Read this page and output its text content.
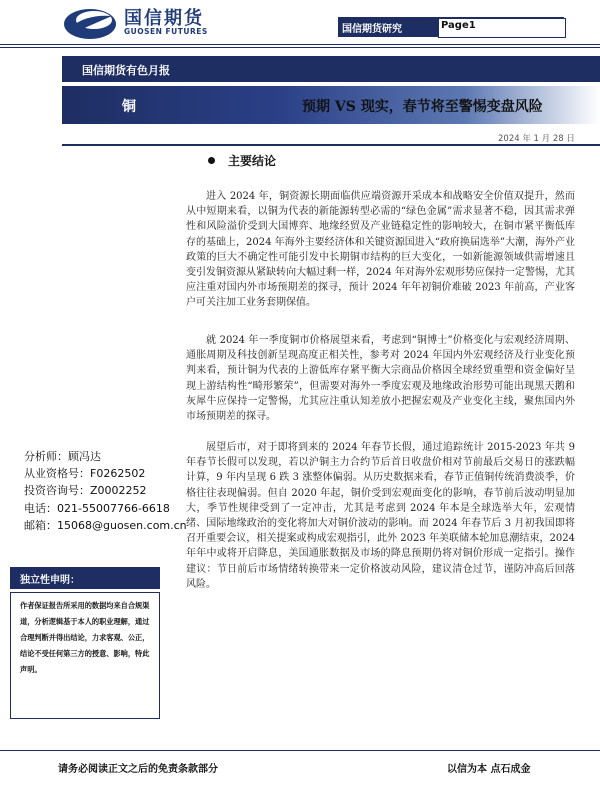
国信期货
GUOSEN FUTURES	国信期货研究	Page1
国信期货有色月报
铜	预期 VS 现实，春节将至警惕变盘风险
2024 年 1 月 28 日
主要结论

进入 2024 年，铜资源长期面临供应端资源开采成本和战略安全价值双提升，然而从中短期来看，以铜为代表的新能源转型必需的“绿色金属”需求显著不稳，因其需求弹性和风险溢价受到大国博弈、地缘经贸及产业链稳定性的影响较大，在铜市紧平衡低库存的基础上，2024 年海外主要经济体和关键资源国进入“政府换届选举”大潮，海外产业政策的巨大不确定性可能引发中长期铜市结构的巨大变化，一如新能源领域供需增速且变引发铜资源从紧缺转向大幅过剩一样，2024 年对海外宏观形势应保持一定警惕，尤其应注重对国内外市场预期差的探寻，预计 2024 年年初铜价难破 2023 年前高，产业客户可关注加工业务套期保值。

就 2024 年一季度铜市价格展望来看，考虑到“铜博士”价格变化与宏观经济周期、通胀周期及科技创新呈现高度正相关性，参考对 2024 年国内外宏观经济及行业变化预判来看，预计铜为代表的上游低库存紧平衡大宗商品价格因全球经贸重塑和资金偏好呈现上游结构性“畸形繁荣”，但需要对海外一季度宏观及地缘政治形势可能出现黑天鹅和灰犀牛应保持一定警惕，尤其应注重认知差放小把握宏观及产业变化主线，聚焦国内外市场预期差的探寻。

展望后市，对于即将到来的 2024 年春节长假，通过追踪统计 2015-2023 年共 9 年春节长假可以发现，若以沪铜主力合约节后首日收盘价相对节前最后交易日的涨跌幅计算，9 年内呈现 6 跌 3 涨整体偏弱。从历史数据来看，春节正值铜传统消费淡季，价格往往表现偏弱。但自 2020 年起，铜价受到宏观面变化的影响，春节前后波动明显加大，季节性规律受到了一定冲击，尤其是考虑到 2024 年本是全球选举大年，宏观情绪、国际地缘政治的变化将加大对铜价波动的影响。而 2024 年春节后 3 月初我国即将召开重要会议，相关提案或构成宏观指引，此外 2023 年美联储本轮加息潮结束，2024 年年中或将开启降息，美国通胀数据及市场的降息预期仍将对铜价形成一定指引。操作建议：节日前后市场情绪转换带来一定价格波动风险，建议清仓过节，谨防冲高后回落风险。

分析师：顾冯达
从业资格号：F0262502
投资咨询号：Z0002252
电话：021-55007766-6618
邮箱：15068@guosen.com.cn
独立性申明：
作者保证报告所采用的数据均来自合规渠道，分析逻辑基于本人的职业理解，通过合理判断并得出结论，力求客观、公正，结论不受任何第三方的授意、影响，特此声明。
请务必阅读正文之后的免责条款部分	以信为本 点石成金
